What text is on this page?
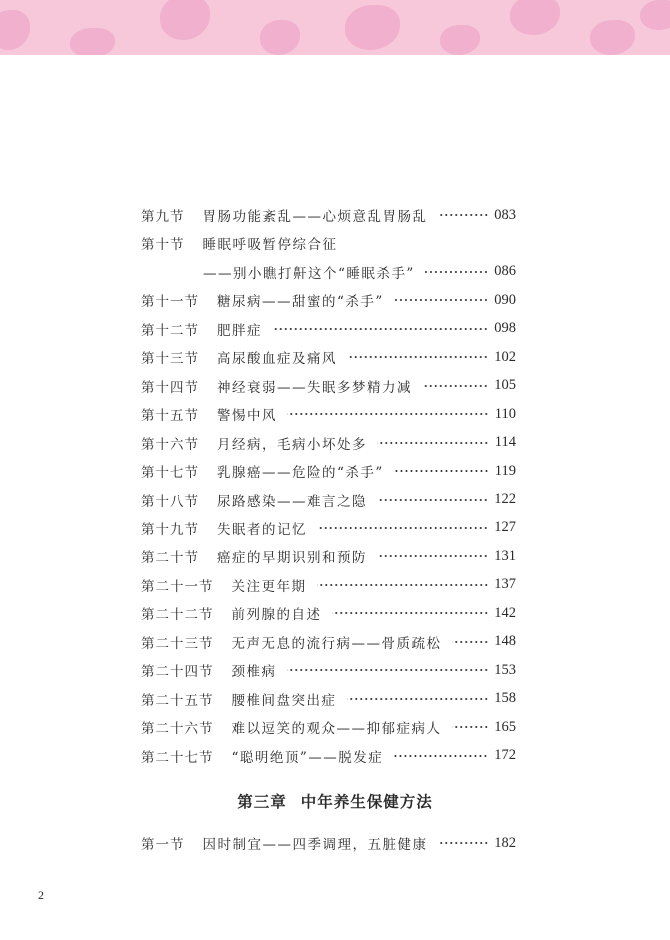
第九节 胃肠功能紊乱——心烦意乱胃肠乱	083
第十节 睡眠呼吸暂停综合征
——别小瞧打鼾这个“睡眠杀手”	086
第十一节 糖尿病——甜蜜的“杀手”	090
第十二节 肥胖症	098
第十三节 高尿酸血症及痛风	102
第十四节 神经衰弱——失眠多梦精力减	105
第十五节 警惕中风	110
第十六节 月经病，毛病小坏处多	114
第十七节 乳腺癌——危险的“杀手”	119
第十八节 尿路感染——难言之隐	122
第十九节 失眠者的记忆	127
第二十节 癌症的早期识别和预防	131
第二十一节 关注更年期	137
第二十二节 前列腺的自述	142
第二十三节 无声无息的流行病——骨质疏松	148
第二十四节 颈椎病	153
第二十五节 腰椎间盘突出症	158
第二十六节 难以逗笑的观众——抑郁症病人	165
第二十七节 “聪明绝顶”——脱发症	172
第一节 因时制宜——四季调理，五脏健康	182
第三章 中年养生保健方法
2
